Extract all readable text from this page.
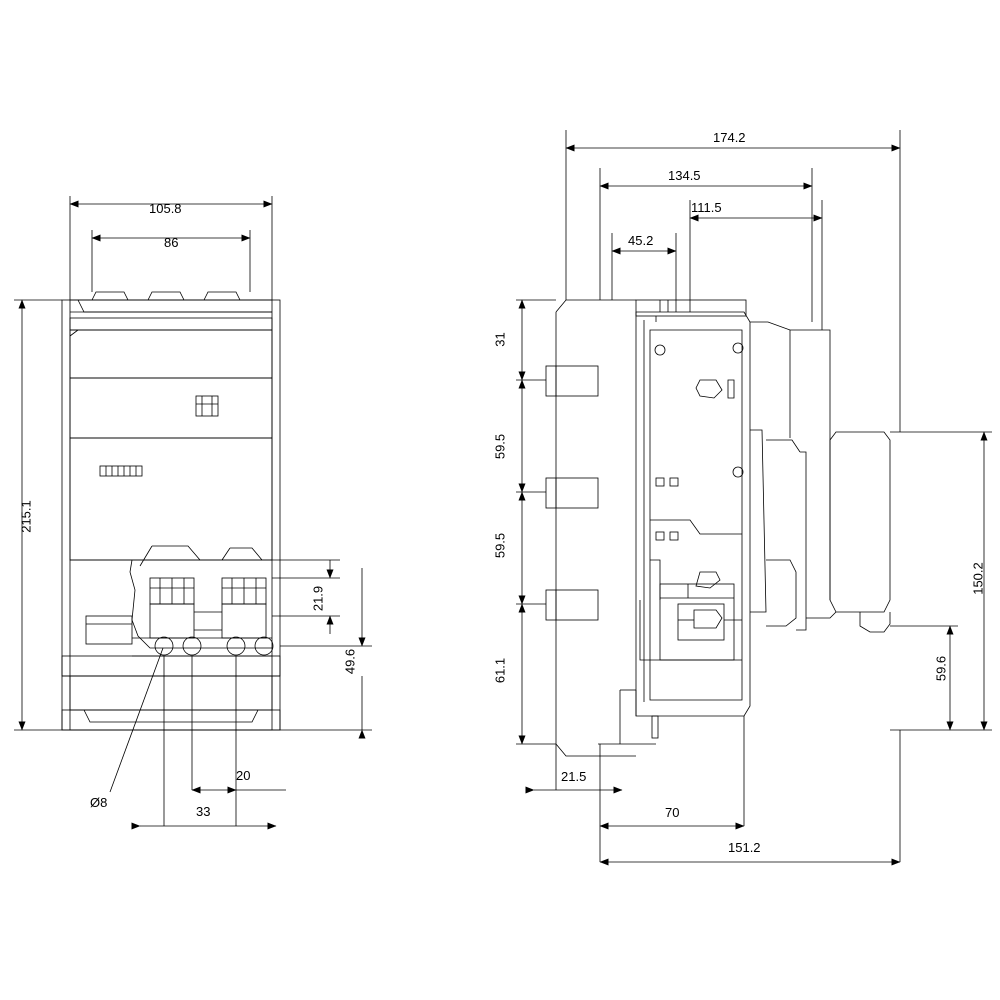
105.8
86
215.1
21.9
49.6
20
33
Ø8
174.2
134.5
111.5
45.2
31
59.5
59.5
61.1
150.2
59.6
21.5
70
151.2
